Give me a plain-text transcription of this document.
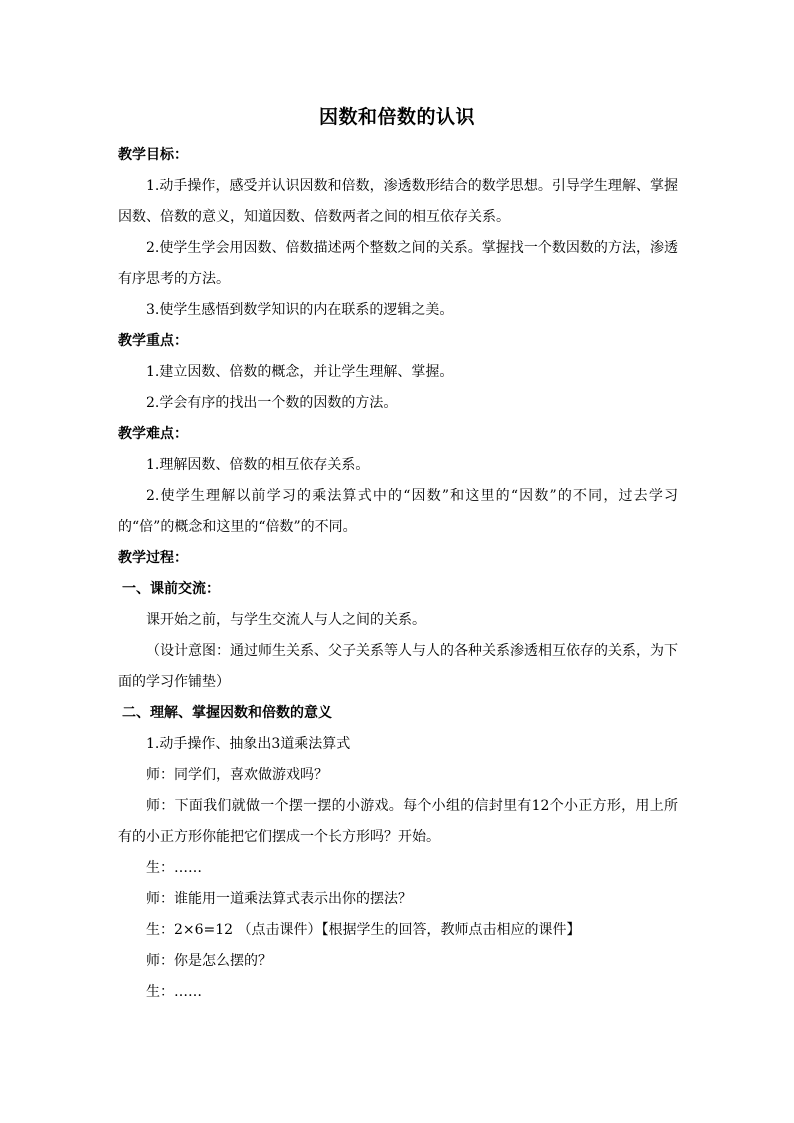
因数和倍数的认识
教学目标：
1.动手操作，感受并认识因数和倍数，渗透数形结合的数学思想。引导学生理解、掌握因数、倍数的意义，知道因数、倍数两者之间的相互依存关系。
2.使学生学会用因数、倍数描述两个整数之间的关系。掌握找一个数因数的方法，渗透有序思考的方法。
3.使学生感悟到数学知识的内在联系的逻辑之美。
教学重点：
1.建立因数、倍数的概念，并让学生理解、掌握。
2.学会有序的找出一个数的因数的方法。
教学难点：
1.理解因数、倍数的相互依存关系。
2.使学生理解以前学习的乘法算式中的“因数”和这里的“因数”的不同，过去学习的“倍”的概念和这里的“倍数”的不同。
教学过程：
一、课前交流：
课开始之前，与学生交流人与人之间的关系。
（设计意图：通过师生关系、父子关系等人与人的各种关系渗透相互依存的关系，为下面的学习作铺垫）
二、理解、掌握因数和倍数的意义
1.动手操作、抽象出3道乘法算式
师：同学们，喜欢做游戏吗？
师：下面我们就做一个摆一摆的小游戏。每个小组的信封里有12个小正方形，用上所有的小正方形你能把它们摆成一个长方形吗？开始。
生：……
师：谁能用一道乘法算式表示出你的摆法？
生：2×6=12 （点击课件）【根据学生的回答，教师点击相应的课件】
师：你是怎么摆的？
生：……
